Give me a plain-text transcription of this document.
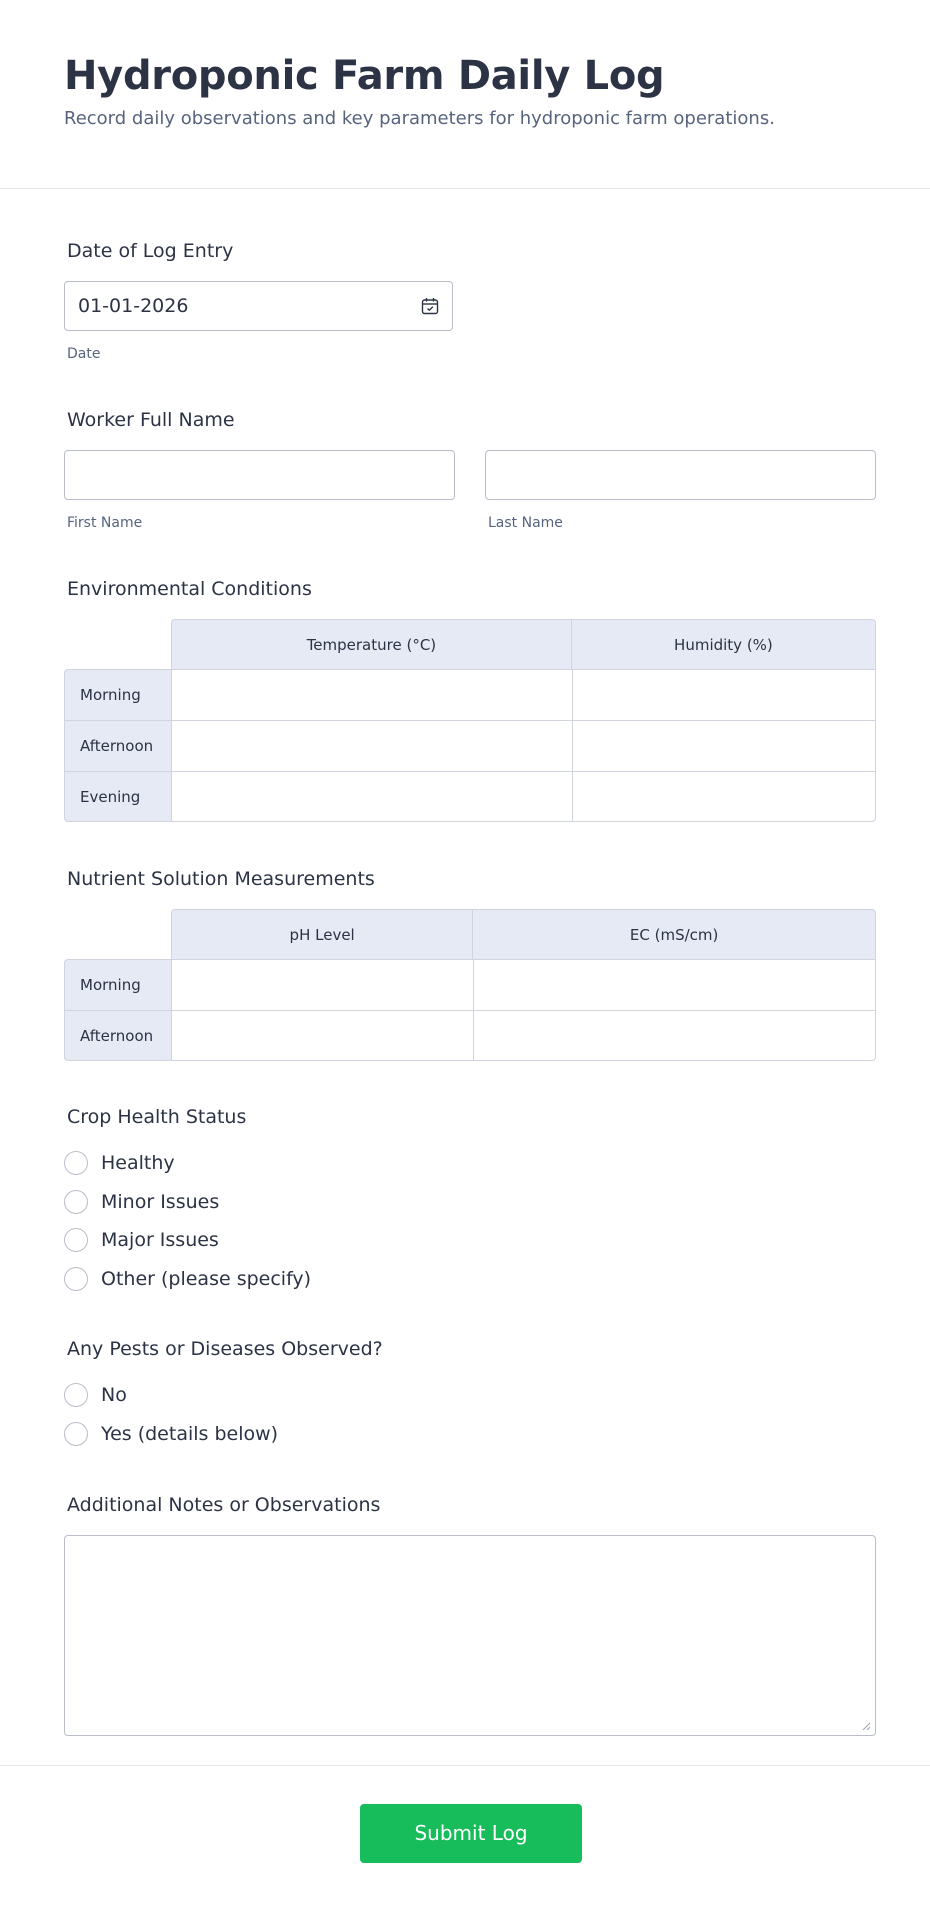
Hydroponic Farm Daily Log

Record daily observations and key parameters for hydroponic farm operations.

Date of Log Entry
01-01-2026
Date
Worker Full Name
First Name	Last Name
Environmental Conditions
	Temperature (°C)	Humidity (%)
Morning		
Afternoon		
Evening		
Nutrient Solution Measurements
	pH Level	EC (mS/cm)
Morning		
Afternoon		
Crop Health Status
Healthy
Minor Issues
Major Issues
Other (please specify)
Any Pests or Diseases Observed?
No
Yes (details below)
Additional Notes or Observations
Submit Log
